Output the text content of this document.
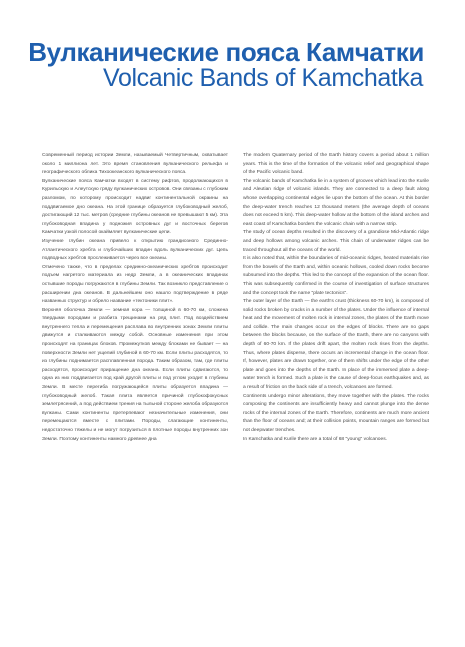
Вулканические пояса Камчатки
Volcanic Bands of Kamchatka

Современный период истории Земли, называемый Четвертичным, охватывает около 1 миллиона лет. Это время становления вулканического рельефа и географического облика Тихоокеанского вулканического пояса.

Вулканические пояса Камчатки входят в систему рифтов, продолжающихся в Курильскую и Алеутскую гряду вулканических островов. Они связаны с глубоким разломом, по которому происходит надвиг континентальной окраины на поддвигаемое дно океана. На этой границе образуется глубоководный желоб, достигающий 12 тыс. метров (средние глубины океанов не превышают 5 км). Эта глубоководная впадина у подножия островных дуг и восточных берегов Камчатки узкой полосой окаймляет вулканические цепи.

Изучение глубин океана привело к открытию грандиозного Срединно-Атлантического хребта и глубочайших впадин вдоль вулканических дуг. Цепь подводных хребтов прослеживается через все океаны.

Отмечено также, что в пределах срединно-океанических хребтов происходит подъем нагретого материала из недр Земли, а в океанических впадинах остывшие породы погружаются в глубины Земли. Так возникло представление о расширении дна океанов. В дальнейшем оно нашло подтверждение в ряде названных структур и обрело название «тектоники плит».

Верхняя оболочка Земли — земная кора — толщиной в 60-70 км, сложена твердыми породами и разбита трещинами на ряд плит. Под воздействием внутреннего тепла и перемещения расплава во внутренних зонах Земли плиты движутся и сталкиваются между собой. Основные изменения при этом происходят на границах блоков. Промежутков между блоками не бывает — на поверхности Земли нет ущелий глубиной в 60-70 км. Если плиты расходятся, то из глубины поднимается расплавленная порода. Таким образом, там, где плиты расходятся, происходит приращение дна океана. Если плиты сдвигаются, то одна из них поддвигается под край другой плиты и под углом уходит в глубины Земли. В месте перегиба погружающейся плиты образуется впадина — глубоководный желоб. Такая плита является причиной глубокофокусных землетрясений, а под действием трения на тыльной стороне желоба образуются вулканы. Сами континенты претерпевают незначительные изменения, они перемещаются вместе с плитами. Породы, слагающие континенты, недостаточно тяжелы и не могут погрузиться в плотные породы внутренних зон Земли. Поэтому континенты намного древнее дна

The modern Quaternary period of the Earth history covers a period about 1 million years. This is the time of the formation of the volcanic relief and geographical shape of the Pacific volcanic band.

The volcanic bands of Kamchatka lie in a system of grooves which lead into the Kurile and Aleutian ridge of volcanic islands. They are connected to a deep fault along whose overlapping continental edges lie upon the bottom of the ocean. At this border the deep-water trench reaches 12 thousand meters (the average depth of oceans does not exceed 5 km). This deep-water hollow at the bottom of the island arches and east coast of Kamchatka borders the volcanic chain with a narrow strip.

The study of ocean depths resulted in the discovery of a grandiose Mid-Atlantic ridge and deep hollows among volcanic arches. This chain of underwater ridges can be traced throughout all the oceans of the world.

It is also noted that, within the boundaries of mid-oceanic ridges, heated materials rise from the bowels of the Earth and, within oceanic hollows, cooled down rocks become subsumed into the depths. This led to the concept of the expansion of the ocean floor. This was subsequently confirmed in the course of investigation of surface structures and the concept took the name "plate tectonics".

The outer layer of the Earth — the earth's crust (thickness 60-70 km), is composed of solid rocks broken by cracks in a number of the plates. Under the influence of internal heat and the movement of molten rock in internal zones, the plates of the Earth move and collide. The main changes occur on the edges of blocks. There are no gaps between the blocks because, on the surface of the Earth, there are no canyons with depth of 60-70 km. If the plates drift apart, the molten rock rises from the depths. Thus, where plates disperse, there occurs an incremental change in the ocean floor. If, however, plates are drawn together, one of them shifts under the edge of the other plate and goes into the depths of the Earth. In place of the immersed plate a deep-water trench is formed. Such a plate is the cause of deep-focus earthquakes and, as a result of friction on the back side of a trench, volcanoes are formed.

Continents undergo minor alterations, they move together with the plates. The rocks composing the continents are insufficiently heavy and cannot plunge into the dense rocks of the internal zones of the Earth. Therefore, continents are much more ancient than the floor of oceans and; at their collision points, mountain ranges are formed but not deepwater trenches.

In Kamchatka and Kurile there are a total of 68 "young" volcanoes.
